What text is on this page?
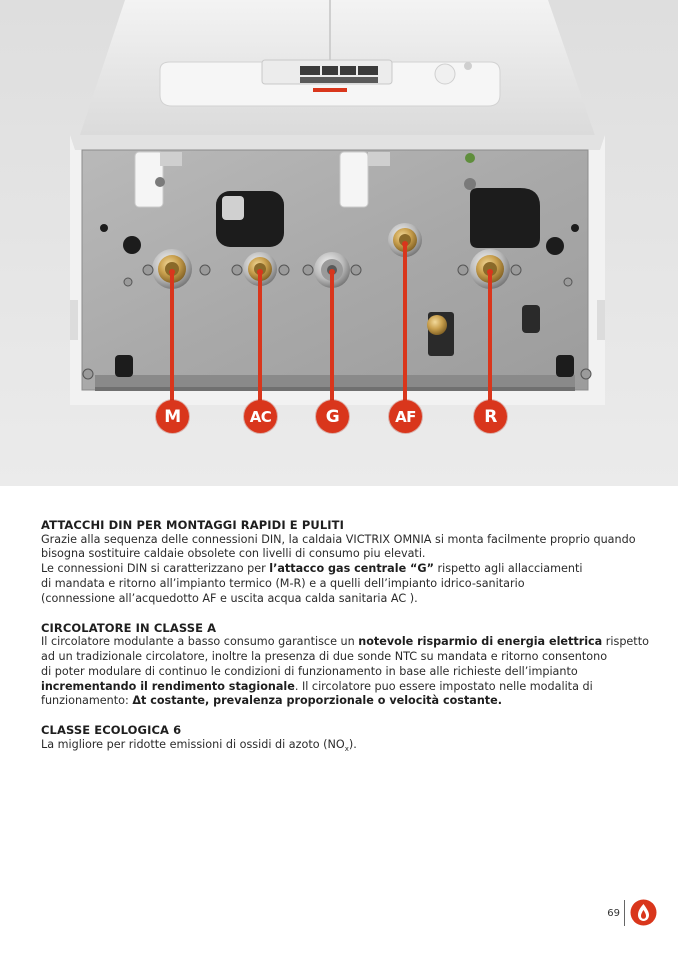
M	AC	G	AF	R
ATTACCHI DIN PER MONTAGGI RAPIDI E PULITI

Grazie alla sequenza delle connessioni DIN, la caldaia VICTRIX OMNIA si monta facilmente proprio quando
bisogna sostituire caldaie obsolete con livelli di consumo piu elevati.
Le connessioni DIN si caratterizzano per l’attacco gas centrale “G” rispetto agli allacciamenti
di mandata e ritorno all’impianto termico (M-R) e a quelli dell’impianto idrico-sanitario
(connessione all’acquedotto AF e uscita acqua calda sanitaria AC ).

CIRCOLATORE IN CLASSE A

Il circolatore modulante a basso consumo garantisce un notevole risparmio di energia elettrica rispetto
ad un tradizionale circolatore, inoltre la presenza di due sonde NTC su mandata e ritorno consentono
di poter modulare di continuo le condizioni di funzionamento in base alle richieste dell’impianto
incrementando il rendimento stagionale. Il circolatore puo essere impostato nelle modalita di
funzionamento: Δt costante, prevalenza proporzionale o velocità costante.

CLASSE ECOLOGICA 6

La migliore per ridotte emissioni di ossidi di azoto $(NO_x)$.

69
